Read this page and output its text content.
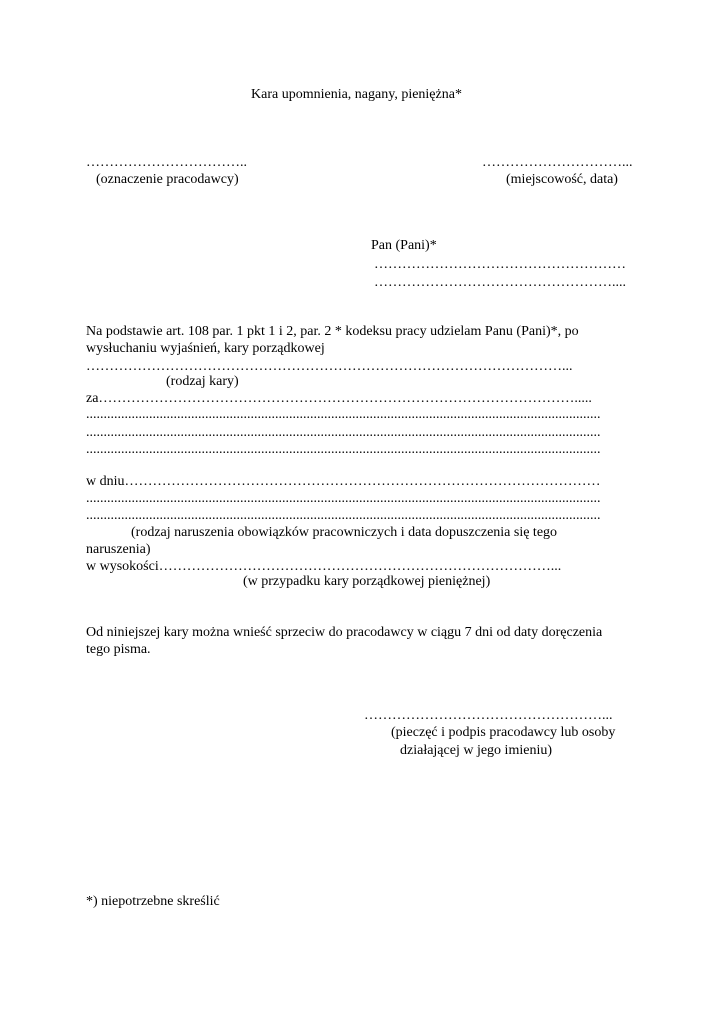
Kara upomnienia, nagany, pieniężna*
……………………………..
(oznaczenie pracodawcy)
…………………………...
(miejscowość, data)
Pan (Pani)*
………………………………………………
……………………………………………....
Na podstawie art. 108 par. 1 pkt 1 i 2, par. 2 * kodeksu pracy udzielam Panu (Pani)*, po
wysłuchaniu wyjaśnień, kary porządkowej
…………………………………………………………………………………………...
(rodzaj kary)
za………………………………………………………………………………………….....
...................................................................................................................................................
...................................................................................................................................................
...................................................................................................................................................
w dniu…………………………………………………………………………………………
...................................................................................................................................................
...................................................................................................................................................
(rodzaj naruszenia obowiązków pracowniczych i data dopuszczenia się tego
naruszenia)
w wysokości…………………………………………………………………………...
(w przypadku kary porządkowej pieniężnej)
Od niniejszej kary można wnieść sprzeciw do pracodawcy w ciągu 7 dni od daty doręczenia
tego pisma.
……………………………………………...
(pieczęć i podpis pracodawcy lub osoby
działającej w jego imieniu)
*) niepotrzebne skreślić
